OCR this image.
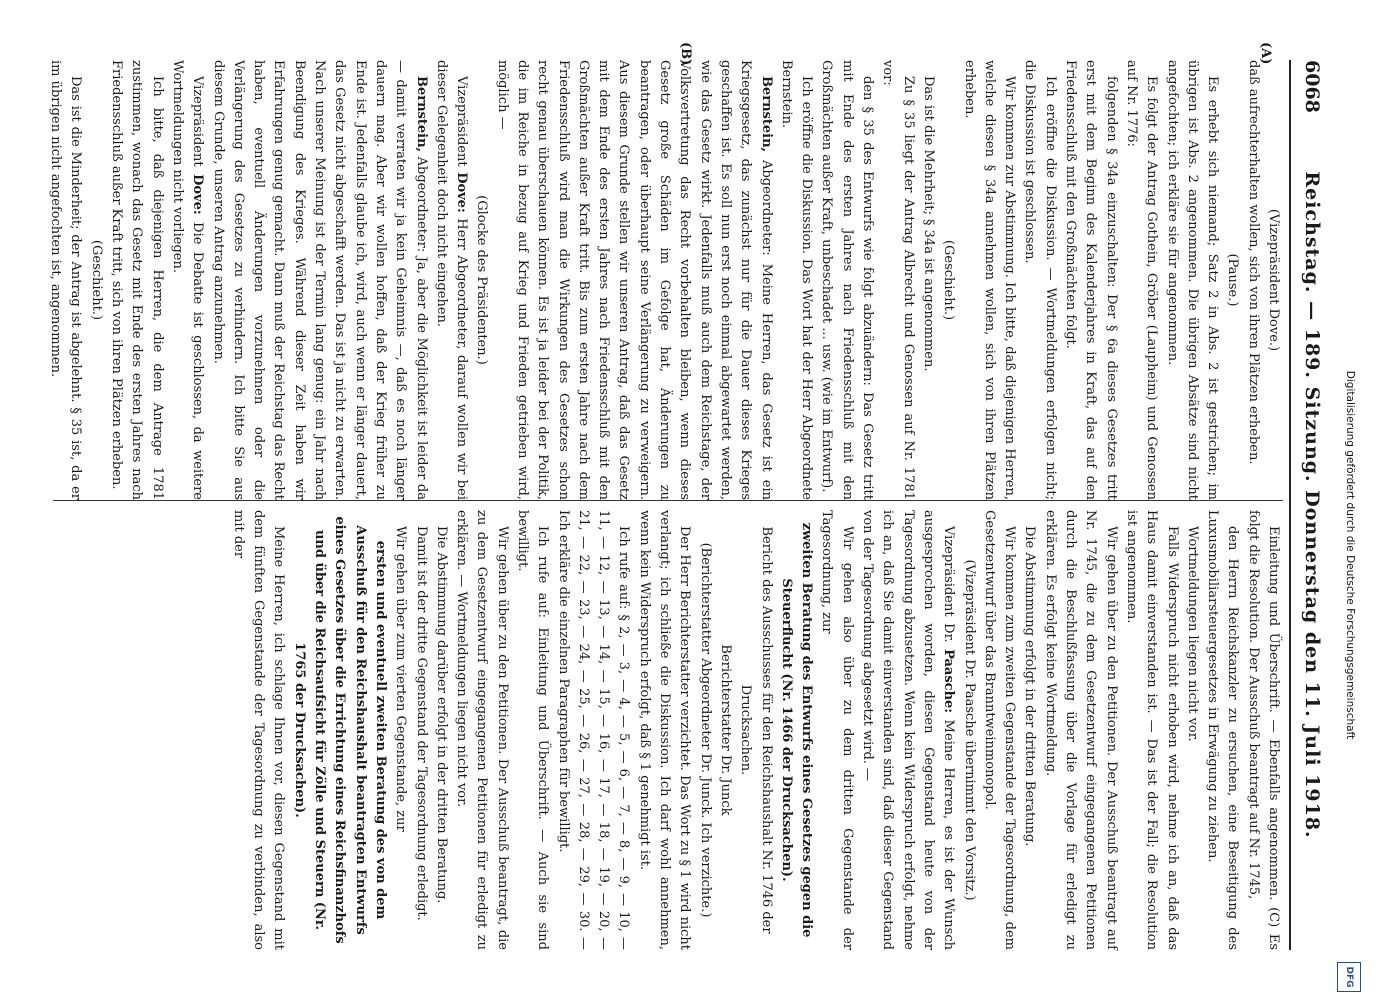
6068
Reichstag. — 189. Sitzung. Donnerstag den 11. Juli 1918.
(A)
(B)

(Vizepräsident Dove.)

daß aufrechterhalten wollen, sich von ihren Plätzen erheben.

(Pause.)

Es erhebt sich niemand; Satz 2 in Abs. 2 ist gestrichen; im übrigen ist Abs. 2 angenommen. Die übrigen Absätze sind nicht angefochten; ich erkläre sie für angenommen.

Es folgt der Antrag Gothein, Gröber (Laupheim) und Genossen auf Nr. 1776:

folgenden § 34a einzuschalten: Der § 6a dieses Gesetzes tritt erst mit dem Beginn des Kalenderjahres in Kraft, das auf den Friedensschluß mit den Großmächten folgt.

Ich eröffne die Diskussion. — Wortmeldungen erfolgen nicht; die Diskussion ist geschlossen.

Wir kommen zur Abstimmung. Ich bitte, daß diejenigen Herren, welche diesen § 34a annehmen wollen, sich von ihren Plätzen erheben.

(Geschieht.)

Das ist die Mehrheit; § 34a ist angenommen.

Zu § 35 liegt der Antrag Albrecht und Genossen auf Nr. 1781 vor:

den § 35 des Entwurfs wie folgt abzuändern: Das Gesetz tritt mit Ende des ersten Jahres nach Friedensschluß mit den Großmächten außer Kraft, unbeschadet ... usw. (wie im Entwurf).

Ich eröffne die Diskussion. Das Wort hat der Herr Abgeordnete Bernstein.

Bernstein, Abgeordneter: Meine Herren, das Gesetz ist ein Kriegsgesetz, das zunächst nur für die Dauer dieses Krieges geschaffen ist. Es soll nun erst noch einmal abgewartet werden, wie das Gesetz wirkt. Jedenfalls muß auch dem Reichstage, der Volksvertretung das Recht vorbehalten bleiben, wenn dieses Gesetz große Schäden im Gefolge hat, Änderungen zu beantragen, oder überhaupt seine Verlängerung zu verweigern. Aus diesem Grunde stellen wir unseren Antrag, daß das Gesetz mit dem Ende des ersten Jahres nach Friedensschluß mit den Großmächten außer Kraft tritt. Bis zum ersten Jahre nach dem Friedensschluß wird man die Wirkungen des Gesetzes schon recht genau überschauen können. Es ist ja leider bei der Politik, die im Reiche in bezug auf Krieg und Frieden getrieben wird, möglich —

(Glocke des Präsidenten.)

Vizepräsident Dove: Herr Abgeordneter, darauf wollen wir bei dieser Gelegenheit doch nicht eingehen.

Bernstein, Abgeordneter: Ja, aber die Möglichkeit ist leider da — damit verraten wir ja kein Geheimnis —, daß es noch länger dauern mag. Aber wir wollen hoffen, daß der Krieg früher zu Ende ist. Jedenfalls glaube ich, wird, auch wenn er länger dauert, das Gesetz nicht abgeschafft werden. Das ist ja nicht zu erwarten. Nach unserer Meinung ist der Termin lang genug: ein Jahr nach Beendigung des Krieges. Während dieser Zeit haben wir Erfahrungen genug gemacht. Dann muß der Reichstag das Recht haben, eventuell Änderungen vorzunehmen oder die Verlängerung des Gesetzes zu verhindern. Ich bitte Sie aus diesem Grunde, unseren Antrag anzunehmen.

Vizepräsident Dove: Die Debatte ist geschlossen, da weitere Wortmeldungen nicht vorliegen.

Ich bitte, daß diejenigen Herren, die dem Antrage 1781 zustimmen, wonach das Gesetz mit Ende des ersten Jahres nach Friedensschluß außer Kraft tritt, sich von ihren Plätzen erheben.

(Geschieht.)

Das ist die Minderheit; der Antrag ist abgelehnt. § 35 ist, da er im übrigen nicht angefochten ist, angenommen.

Einleitung und Überschrift. — Ebenfalls angenommen. (C) Es folgt die Resolution. Der Ausschuß beantragt auf Nr. 1745,

den Herrn Reichskanzler zu ersuchen, eine Beseitigung des Luxusmobiliarsteuergesetzes in Erwägung zu ziehen.

Wortmeldungen liegen nicht vor.

Falls Widerspruch nicht erhoben wird, nehme ich an, daß das Haus damit einverstanden ist. — Das ist der Fall; die Resolution ist angenommen.

Wir gehen über zu den Petitionen. Der Ausschuß beantragt auf Nr. 1745, die zu dem Gesetzentwurf eingegangenen Petitionen durch die Beschlußfassung über die Vorlage für erledigt zu erklären. Es erfolgt keine Wortmeldung.

Die Abstimmung erfolgt in der dritten Beratung.

Wir kommen zum zweiten Gegenstande der Tagesordnung, dem Gesetzentwurf über das Branntweinmonopol.

(Vizepräsident Dr. Paasche übernimmt den Vorsitz.)

Vizepräsident Dr. Paasche: Meine Herren, es ist der Wunsch ausgesprochen worden, diesen Gegenstand heute von der Tagesordnung abzusetzen. Wenn kein Widerspruch erfolgt, nehme ich an, daß Sie damit einverstanden sind, daß dieser Gegenstand von der Tagesordnung abgesetzt wird. —

Wir gehen also über zu dem dritten Gegenstande der Tagesordnung, zur

zweiten Beratung des Entwurfs eines Gesetzes gegen die Steuerflucht (Nr. 1466 der Drucksachen).

Bericht des Ausschusses für den Reichshaushalt Nr. 1746 der Drucksachen.

Berichterstatter Dr. Junck

(Berichterstatter Abgeordneter Dr. Junck. Ich verzichte.)

Der Herr Berichterstatter verzichtet. Das Wort zu § 1 wird nicht verlangt; ich schließe die Diskussion. Ich darf wohl annehmen, wenn kein Widerspruch erfolgt, daß § 1 genehmigt ist.

Ich rufe auf: § 2, — 3, — 4, — 5, — 6, — 7, — 8, — 9, — 10, — 11, — 12, — 13, — 14, — 15, — 16, — 17, — 18, — 19, — 20, — 21, — 22, — 23, — 24, — 25, — 26, — 27, — 28, — 29, — 30. — Ich erkläre die einzelnen Paragraphen für bewilligt.

Ich rufe auf: Einleitung und Überschrift. — Auch sie sind bewilligt.

Wir gehen über zu den Petitionen. Der Ausschuß beantragt, die zu dem Gesetzentwurf eingegangenen Petitionen für erledigt zu erklären. — Wortmeldungen liegen nicht vor.

Die Abstimmung darüber erfolgt in der dritten Beratung.

Damit ist der dritte Gegenstand der Tagesordnung erledigt.

Wir gehen über zum vierten Gegenstande, zur

ersten und eventuell zweiten Beratung des von dem Ausschuß für den Reichshaushalt beantragten Entwurfs eines Gesetzes über die Errichtung eines Reichsfinanzhofs und über die Reichsaufsicht für Zölle und Steuern (Nr. 1765 der Drucksachen).

Meine Herren, ich schlage Ihnen vor, diesen Gegenstand mit dem fünften Gegenstande der Tagesordnung zu verbinden, also mit der	Digitalisierung gefördert durch die Deutsche Forschungsgemeinschaft
DFG
